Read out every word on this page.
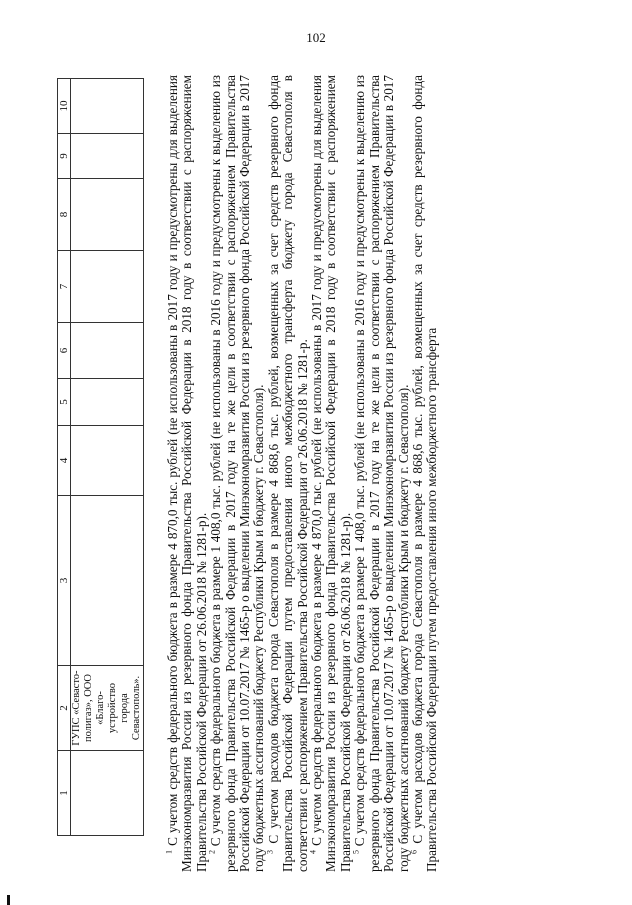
102
1	2	3	4	5	6	7	8	9	10
	ГУПС «Севасто-полигаз», ООО «Благо-устройство города Севастополь».								

$^1$ С учетом средств федерального бюджета в размере 4 870,0 тыс. рублей (не использованы в 2017 году и предусмотрены для выделения Минэкономразвития России из резервного фонда Правительства Российской Федерации в 2018 году в соответствии с распоряжением Правительства Российской Федерации от 26.06.2018 № 1281-р). $^2$ С учетом средств федерального бюджета в размере 1 408,0 тыс. рублей (не использованы в 2016 году и предусмотрены к выделению из резервного фонда Правительства Российской Федерации в 2017 году на те же цели в соответствии с распоряжением Правительства Российской Федерации от 10.07.2017 № 1465-р о выделении Минэкономразвития России из резервного фонда Российской Федерации в 2017 году бюджетных ассигнований бюджету Республики Крым и бюджету г. Севастополя). $^3$ С учетом расходов бюджета города Севастополя в размере 4 868,6 тыс. рублей, возмещенных за счет средств резервного фонда Правительства Российской Федерации путем предоставления иного межбюджетного трансферта бюджету города Севастополя в соответствии с распоряжением Правительства Российской Федерации от 26.06.2018 № 1281-р. $^4$ С учетом средств федерального бюджета в размере 4 870,0 тыс. рублей (не использованы в 2017 году и предусмотрены для выделения Минэкономразвития России из резервного фонда Правительства Российской Федерации в 2018 году в соответствии с распоряжением Правительства Российской Федерации от 26.06.2018 № 1281-р). $^5$ С учетом средств федерального бюджета в размере 1 408,0 тыс. рублей (не использованы в 2016 году и предусмотрены к выделению из резервного фонда Правительства Российской Федерации в 2017 году на те же цели в соответствии с распоряжением Правительства Российской Федерации от 10.07.2017 № 1465-р о выделении Минэкономразвития России из резервного фонда Российской Федерации в 2017 году бюджетных ассигнований бюджету Республики Крым и бюджету г. Севастополя). $^6$ С учетом расходов бюджета города Севастополя в размере 4 868,6 тыс. рублей, возмещенных за счет средств резервного фонда Правительства Российской Федерации путем предоставления иного межбюджетного трансферта
